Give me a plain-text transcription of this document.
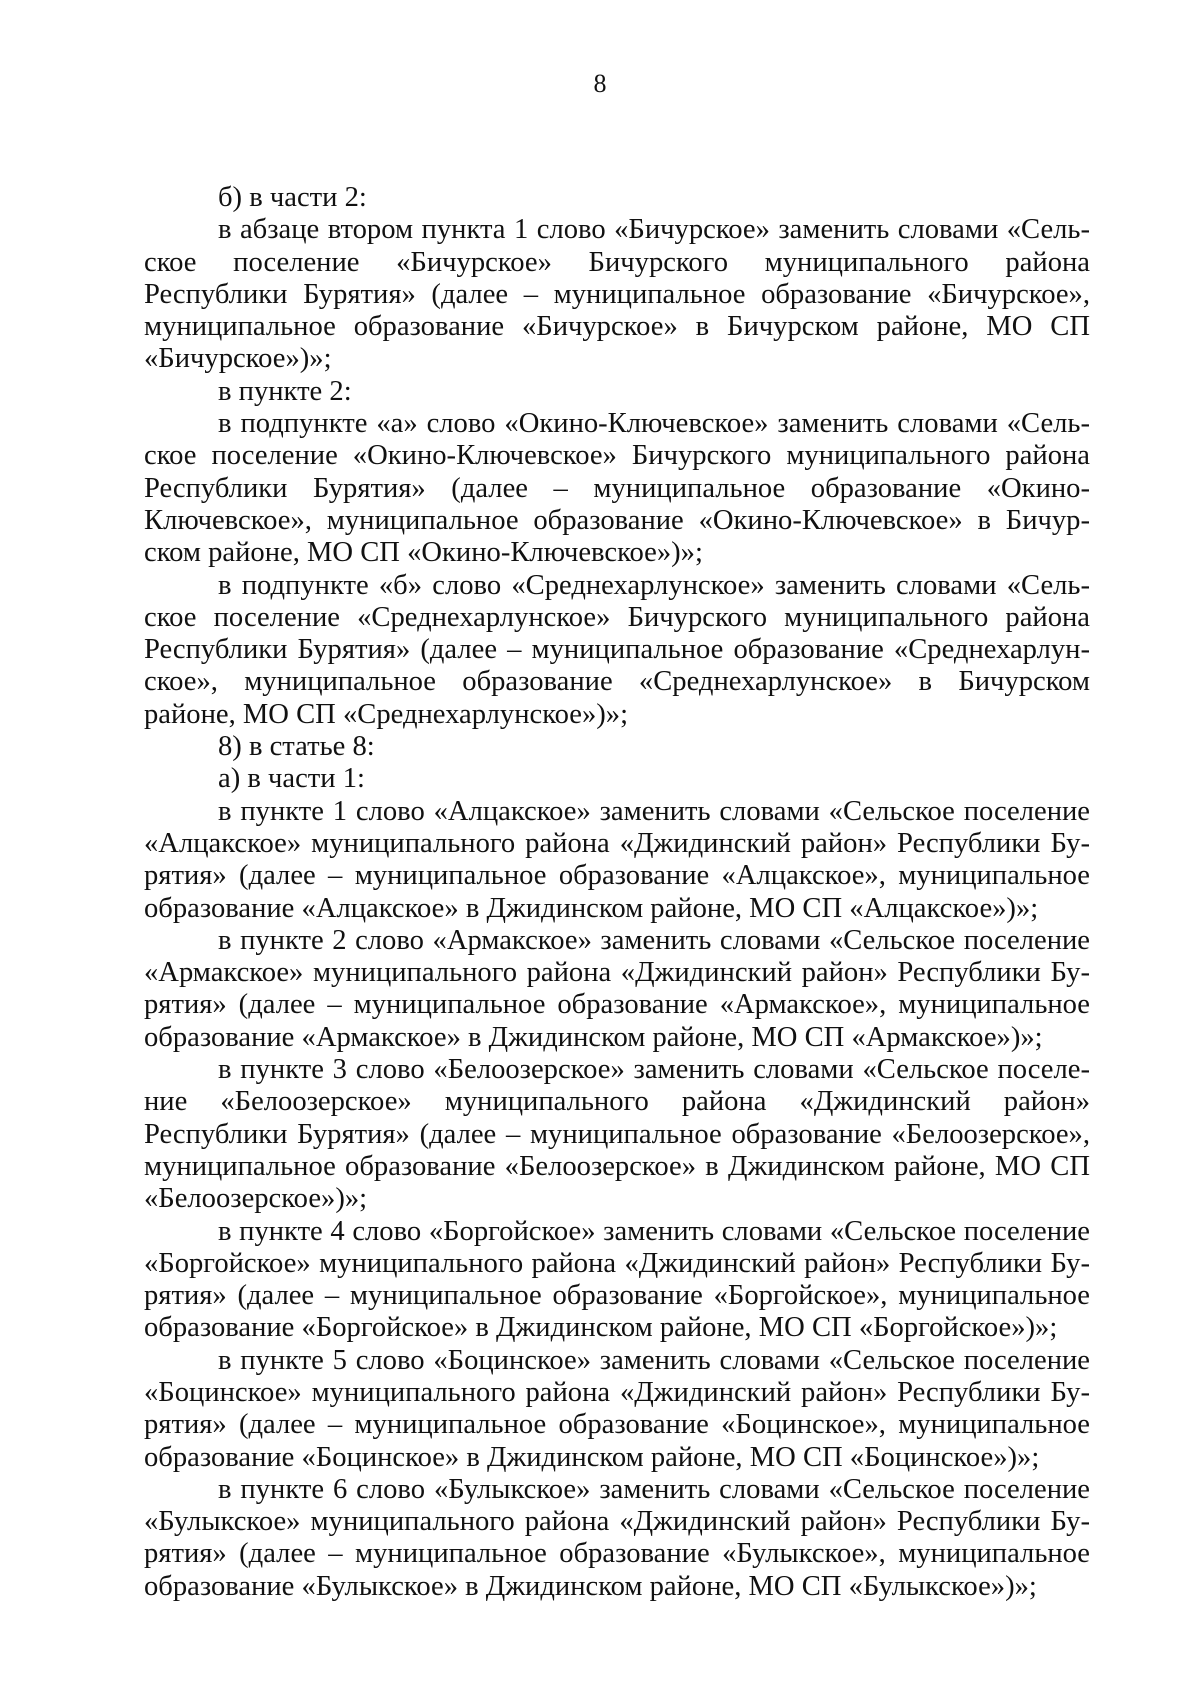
8

б) в части 2:

в абзаце втором пункта 1 слово «Бичурское» заменить словами «Сельское поселение «Бичурское» Бичурского муниципального района Республики Бурятия» (далее – муниципальное образование «Бичурское», муниципальное образование «Бичурское» в Бичурском районе, МО СП «Бичурское»)»;

в пункте 2:

в подпункте «а» слово «Окино-Ключевское» заменить словами «Сельское поселение «Окино-Ключевское» Бичурского муниципального района Республики Бурятия» (далее – муниципальное образование «Окино-Ключевское», муниципальное образование «Окино-Ключевское» в Бичурском районе, МО СП «Окино-Ключевское»)»;

в подпункте «б» слово «Среднехарлунское» заменить словами «Сельское поселение «Среднехарлунское» Бичурского муниципального района Республики Бурятия» (далее – муниципальное образование «Среднехарлунское», муниципальное образование «Среднехарлунское» в Бичурском районе, МО СП «Среднехарлунское»)»;

8) в статье 8:

а) в части 1:

в пункте 1 слово «Алцакское» заменить словами «Сельское поселение «Алцакское» муниципального района «Джидинский район» Республики Бурятия» (далее – муниципальное образование «Алцакское», муниципальное образование «Алцакское» в Джидинском районе, МО СП «Алцакское»)»;

в пункте 2 слово «Армакское» заменить словами «Сельское поселение «Армакское» муниципального района «Джидинский район» Республики Бурятия» (далее – муниципальное образование «Армакское», муниципальное образование «Армакское» в Джидинском районе, МО СП «Армакское»)»;

в пункте 3 слово «Белоозерское» заменить словами «Сельское поселение «Белоозерское» муниципального района «Джидинский район» Республики Бурятия» (далее – муниципальное образование «Белоозерское», муниципальное образование «Белоозерское» в Джидинском районе, МО СП «Белоозерское»)»;

в пункте 4 слово «Боргойское» заменить словами «Сельское поселение «Боргойское» муниципального района «Джидинский район» Республики Бурятия» (далее – муниципальное образование «Боргойское», муниципальное образование «Боргойское» в Джидинском районе, МО СП «Боргойское»)»;

в пункте 5 слово «Боцинское» заменить словами «Сельское поселение «Боцинское» муниципального района «Джидинский район» Республики Бурятия» (далее – муниципальное образование «Боцинское», муниципальное образование «Боцинское» в Джидинском районе, МО СП «Боцинское»)»;

в пункте 6 слово «Булыкское» заменить словами «Сельское поселение «Булыкское» муниципального района «Джидинский район» Республики Бурятия» (далее – муниципальное образование «Булыкское», муниципальное образование «Булыкское» в Джидинском районе, МО СП «Булыкское»)»;
